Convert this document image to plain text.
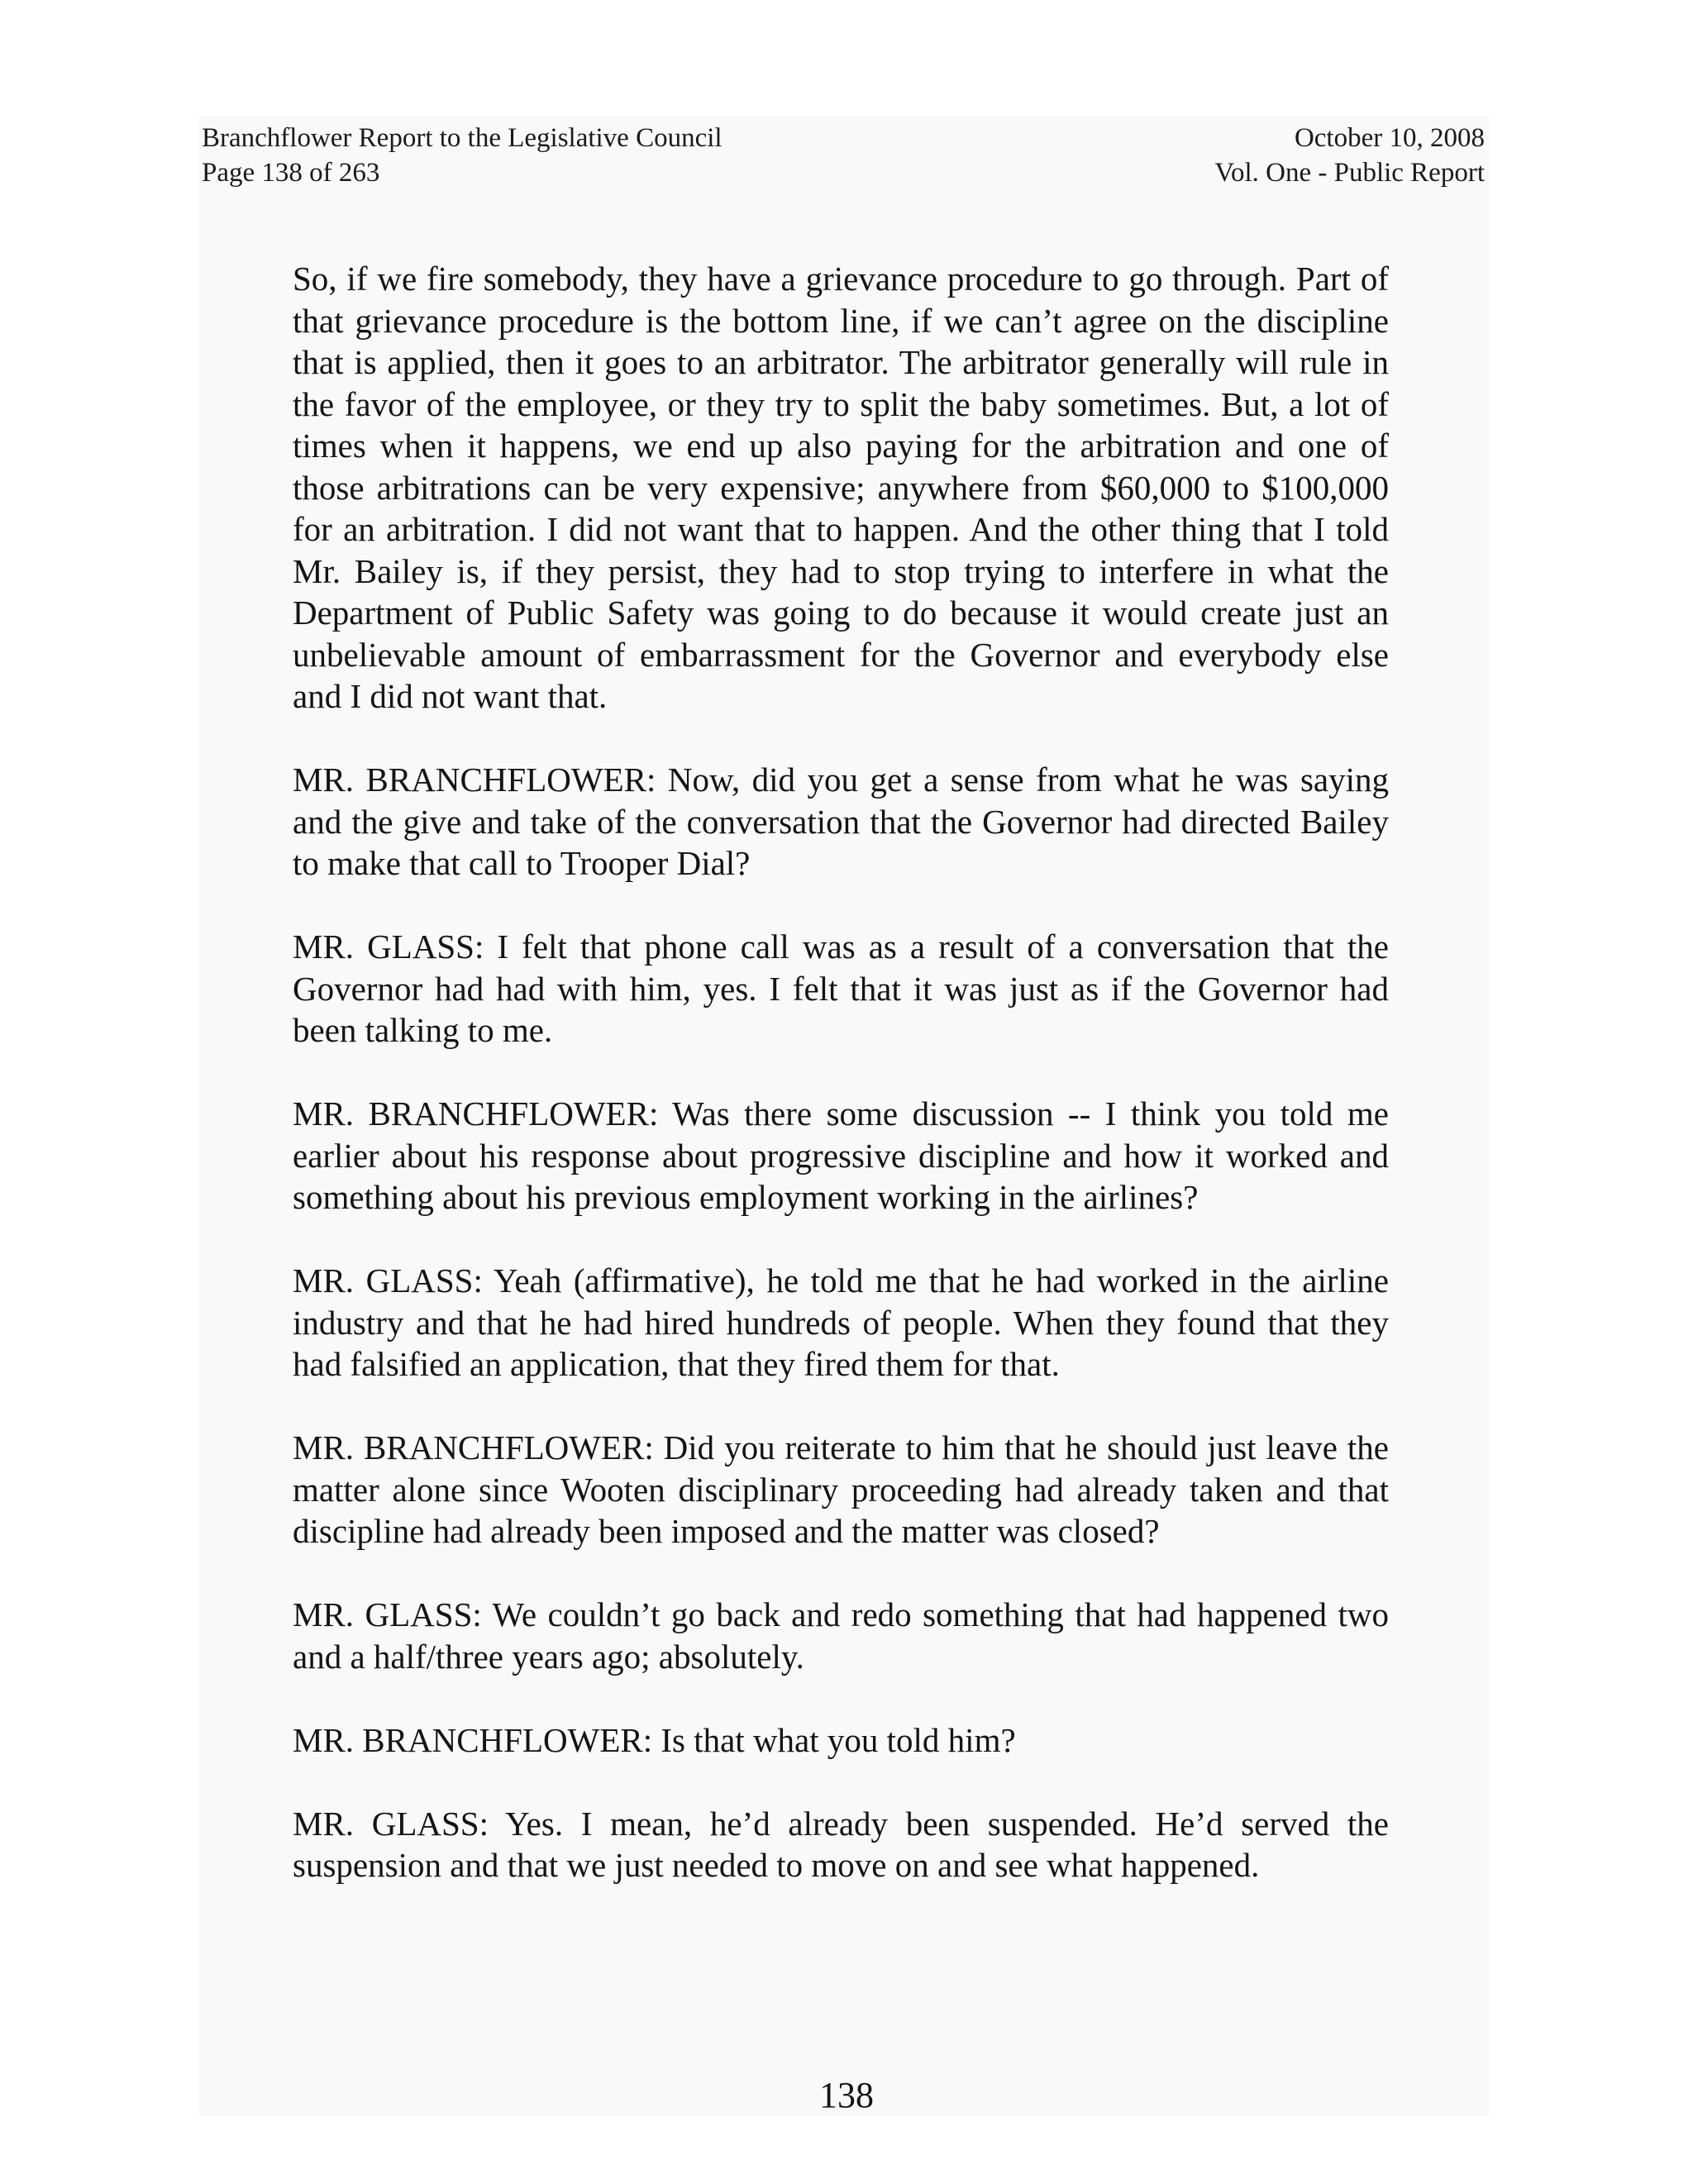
Branchflower Report to the Legislative Council
Page 138 of 263
October 10, 2008
Vol. One - Public Report

So, if we fire somebody, they have a grievance procedure to go through. Part of that grievance procedure is the bottom line, if we can’t agree on the discipline that is applied, then it goes to an arbitrator. The arbitrator generally will rule in the favor of the employee, or they try to split the baby sometimes. But, a lot of times when it happens, we end up also paying for the arbitration and one of those arbitrations can be very expensive; anywhere from $60,000 to $100,000 for an arbitration. I did not want that to happen. And the other thing that I told Mr. Bailey is, if they persist, they had to stop trying to interfere in what the Department of Public Safety was going to do because it would create just an unbelievable amount of embarrassment for the Governor and everybody else and I did not want that.

MR. BRANCHFLOWER: Now, did you get a sense from what he was saying and the give and take of the conversation that the Governor had directed Bailey to make that call to Trooper Dial?

MR. GLASS: I felt that phone call was as a result of a conversation that the Governor had had with him, yes. I felt that it was just as if the Governor had been talking to me.

MR. BRANCHFLOWER: Was there some discussion -- I think you told me earlier about his response about progressive discipline and how it worked and something about his previous employment working in the airlines?

MR. GLASS: Yeah (affirmative), he told me that he had worked in the airline industry and that he had hired hundreds of people. When they found that they had falsified an application, that they fired them for that.

MR. BRANCHFLOWER: Did you reiterate to him that he should just leave the matter alone since Wooten disciplinary proceeding had already taken and that discipline had already been imposed and the matter was closed?

MR. GLASS: We couldn’t go back and redo something that had happened two and a half/three years ago; absolutely.

MR. BRANCHFLOWER: Is that what you told him?

MR. GLASS: Yes. I mean, he’d already been suspended. He’d served the suspension and that we just needed to move on and see what happened.

138
